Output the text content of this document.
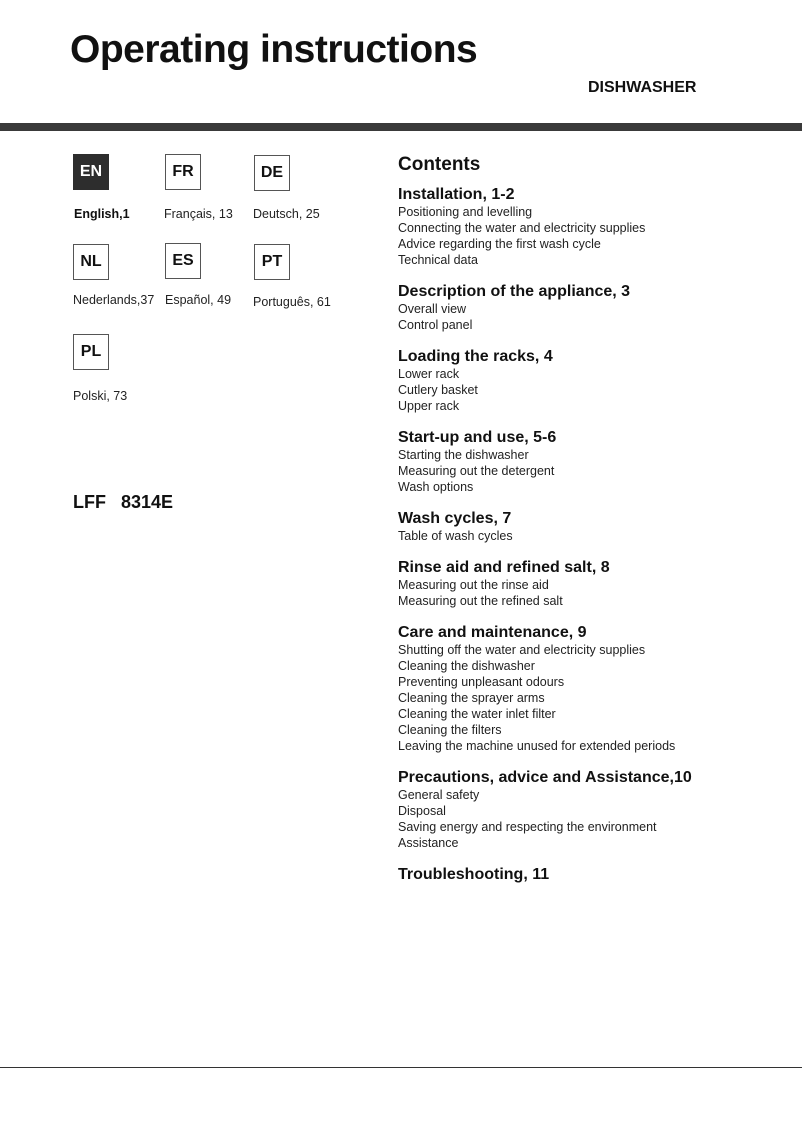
Operating instructions
DISHWASHER
EN
English,1
FR
Français, 13
DE
Deutsch, 25
NL
Nederlands,37
ES
Español, 49
PT
Português, 61
PL
Polski, 73
LFF   8314E
Contents
Installation, 1-2
Positioning and levelling
Connecting the water and electricity supplies
Advice regarding the first wash cycle
Technical data
Description of the appliance, 3
Overall view
Control panel
Loading the racks, 4
Lower rack
Cutlery basket
Upper rack
Start-up and use, 5-6
Starting the dishwasher
Measuring out the detergent
Wash options
Wash cycles, 7
Table of wash cycles
Rinse aid and refined salt, 8
Measuring out the rinse aid
Measuring out the refined salt
Care and maintenance, 9
Shutting off the water and electricity supplies
Cleaning the dishwasher
Preventing unpleasant odours
Cleaning the sprayer arms
Cleaning the water inlet filter
Cleaning the filters
Leaving the machine unused for extended periods
Precautions, advice and Assistance,10
General safety
Disposal
Saving energy and respecting the environment
Assistance
Troubleshooting, 11
